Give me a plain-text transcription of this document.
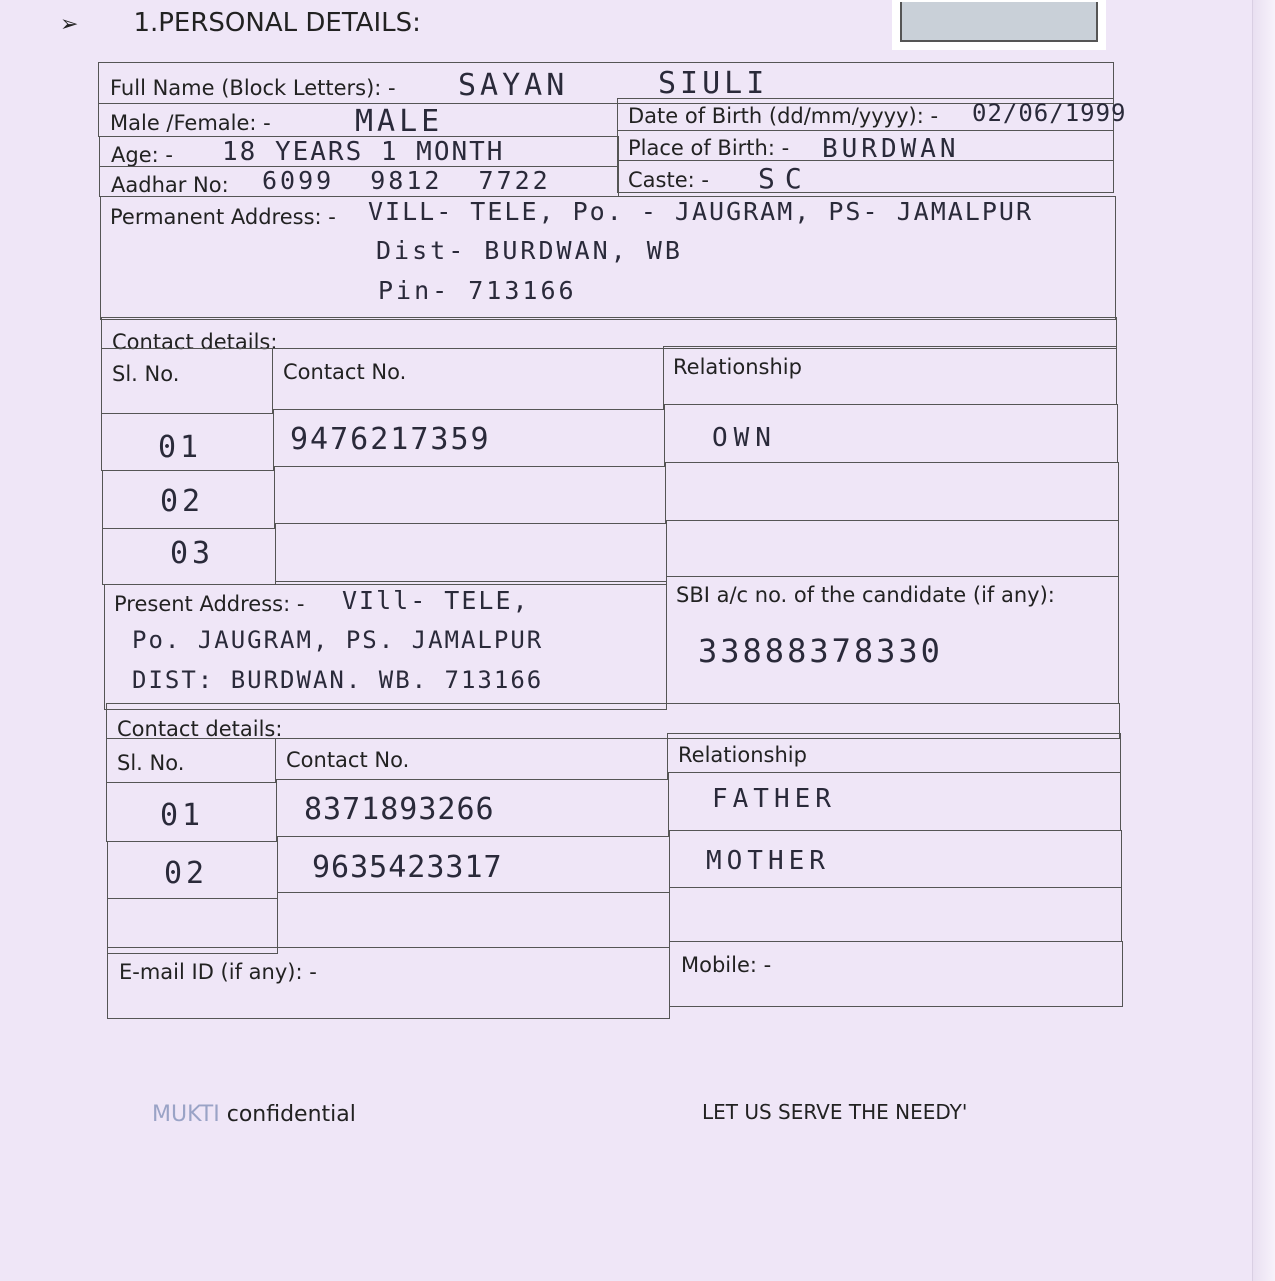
➢ 1.PERSONAL DETAILS:
Full Name (Block Letters): - SAYAN	SIULI
Male /Female: -	MALE	Date of Birth (dd/mm/yyyy): - 02/06/1999
Age: - 18 YEARS 1 MONTH	Place of Birth: - BURDWAN
Aadhar No: 6099 9812 7722	Caste: - SC
Permanent Address: - VILL- TELE, Po. - JAUGRAM, PS- JAMALPUR
Dist- BURDWAN, WB
Pin- 713166
Contact details:
Sl. No.	Contact No.	Relationship
01	9476217359	OWN
02
03
Present Address: - VIll- TELE,
Po. JAUGRAM, PS. JAMALPUR
DIST: BURDWAN. WB. 713166
SBI a/c no. of the candidate (if any):
33888378330
Contact details:
Sl. No.	Contact No.	Relationship
01	8371893266	FATHER
02	9635423317	MOTHER
E-mail ID (if any): -	Mobile: -
MUKTI confidential	LET US SERVE THE NEEDY'
